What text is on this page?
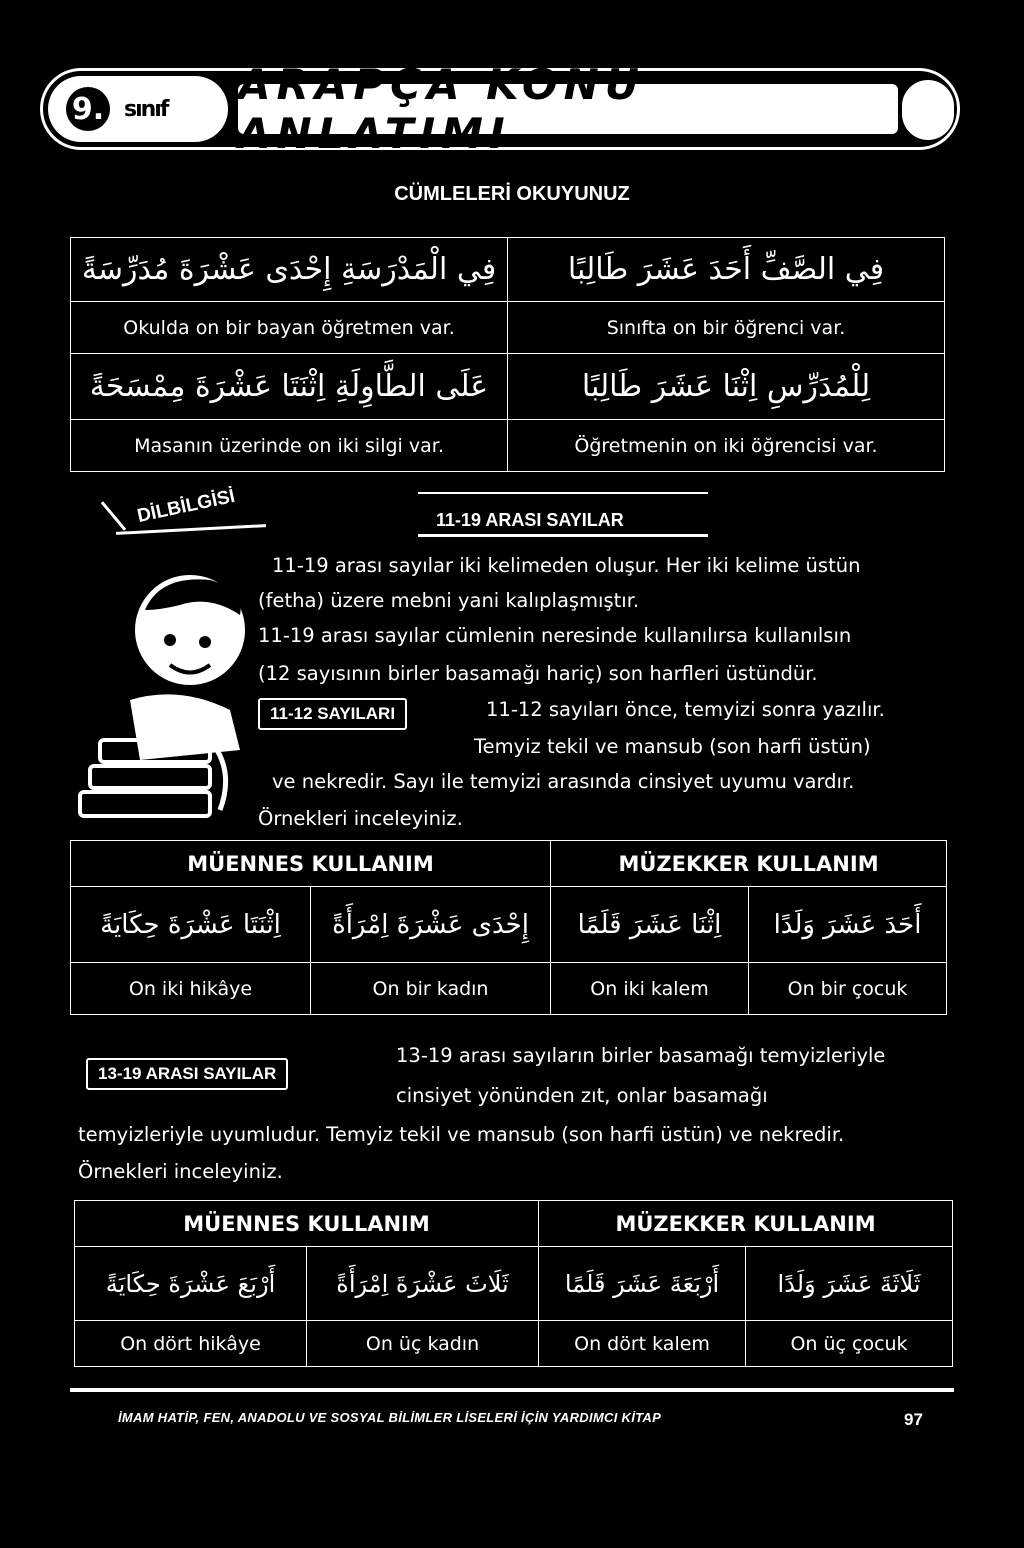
9. sınıf ARAPÇA KONU ANLATIMI
CÜMLELERİ OKUYUNUZ
فِي الْمَدْرَسَةِ إِحْدَى عَشْرَةَ مُدَرِّسَةً	فِي الصَّفِّ أَحَدَ عَشَرَ طَالِبًا
Okulda on bir bayan öğretmen var.	Sınıfta on bir öğrenci var.
عَلَى الطَّاوِلَةِ اِثْنَتَا عَشْرَةَ مِمْسَحَةً	لِلْمُدَرِّسِ اِثْنَا عَشَرَ طَالِبًا
Masanın üzerinde on iki silgi var.	Öğretmenin on iki öğrencisi var.
DİLBİLGİSİ	11-19 ARASI SAYILAR
11-19 arası sayılar iki kelimeden oluşur. Her iki kelime üstün
(fetha) üzere mebni yani kalıplaşmıştır.
11-19 arası sayılar cümlenin neresinde kullanılırsa kullanılsın
(12 sayısının birler basamağı hariç) son harfleri üstündür.
11-12 SAYILARI	11-12 sayıları önce, temyizi sonra yazılır.
Temyiz tekil ve mansub (son harfi üstün)
ve nekredir. Sayı ile temyizi arasında cinsiyet uyumu vardır.
Örnekleri inceleyiniz.
MÜENNES KULLANIM		MÜZEKKER KULLANIM	
اِثْنَتَا عَشْرَةَ حِكَايَةً	إِحْدَى عَشْرَةَ اِمْرَأَةً	اِثْنَا عَشَرَ قَلَمًا	أَحَدَ عَشَرَ وَلَدًا
On iki hikâye	On bir kadın	On iki kalem	On bir çocuk
13-19 ARASI SAYILAR
13-19 arası sayıların birler basamağı temyizleriyle
cinsiyet yönünden zıt, onlar basamağı
temyizleriyle uyumludur. Temyiz tekil ve mansub (son harfi üstün) ve nekredir.
Örnekleri inceleyiniz.
MÜENNES KULLANIM		MÜZEKKER KULLANIM	
أَرْبَعَ عَشْرَةَ حِكَايَةً	ثَلَاثَ عَشْرَةَ اِمْرَأَةً	أَرْبَعَةَ عَشَرَ قَلَمًا	ثَلَاثَةَ عَشَرَ وَلَدًا
On dört hikâye	On üç kadın	On dört kalem	On üç çocuk
İMAM HATİP, FEN, ANADOLU VE SOSYAL BİLİMLER LİSELERİ İÇİN YARDIMCI KİTAP	97
